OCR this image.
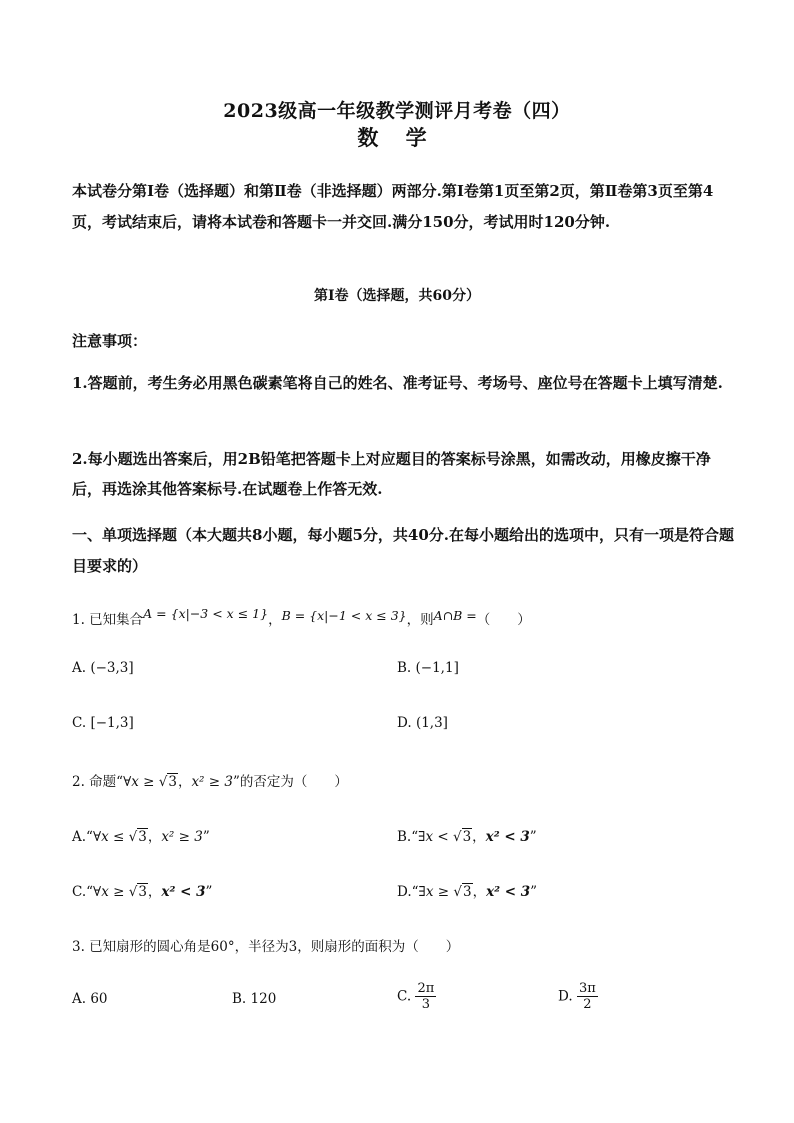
2023级高一年级教学测评月考卷（四）
数 学
本试卷分第Ⅰ卷（选择题）和第Ⅱ卷（非选择题）两部分.第Ⅰ卷第1页至第2页，第Ⅱ卷第3页至第4页，考试结束后，请将本试卷和答题卡一并交回.满分150分，考试用时120分钟.
第Ⅰ卷（选择题，共60分）
注意事项：
1.答题前，考生务必用黑色碳素笔将自己的姓名、准考证号、考场号、座位号在答题卡上填写清楚.
2.每小题选出答案后，用2B铅笔把答题卡上对应题目的答案标号涂黑，如需改动，用橡皮擦干净后，再选涂其他答案标号.在试题卷上作答无效.
一、单项选择题（本大题共8小题，每小题5分，共40分.在每小题给出的选项中，只有一项是符合题目要求的）
1. 已知集合A = {x|−3 < x ≤ 1}，B = {x|−1 < x ≤ 3}，则A∩B =（　　）
A. (−3,3]	B. (−1,1]
C. [−1,3]	D. (1,3]
2. 命题“∀x ≥ √3，x² ≥ 3”的否定为（　　）
A.“∀x ≤ √3，x² ≥ 3”	B.“∃x < √3，x² < 3”
C.“∀x ≥ √3，x² < 3”	D.“∃x ≥ √3，x² < 3”
3. 已知扇形的圆心角是60°，半径为3，则扇形的面积为（　　）
A. 60	B. 120	C. $\frac{2\pi}{3}$	D. $\frac{3\pi}{2}$
